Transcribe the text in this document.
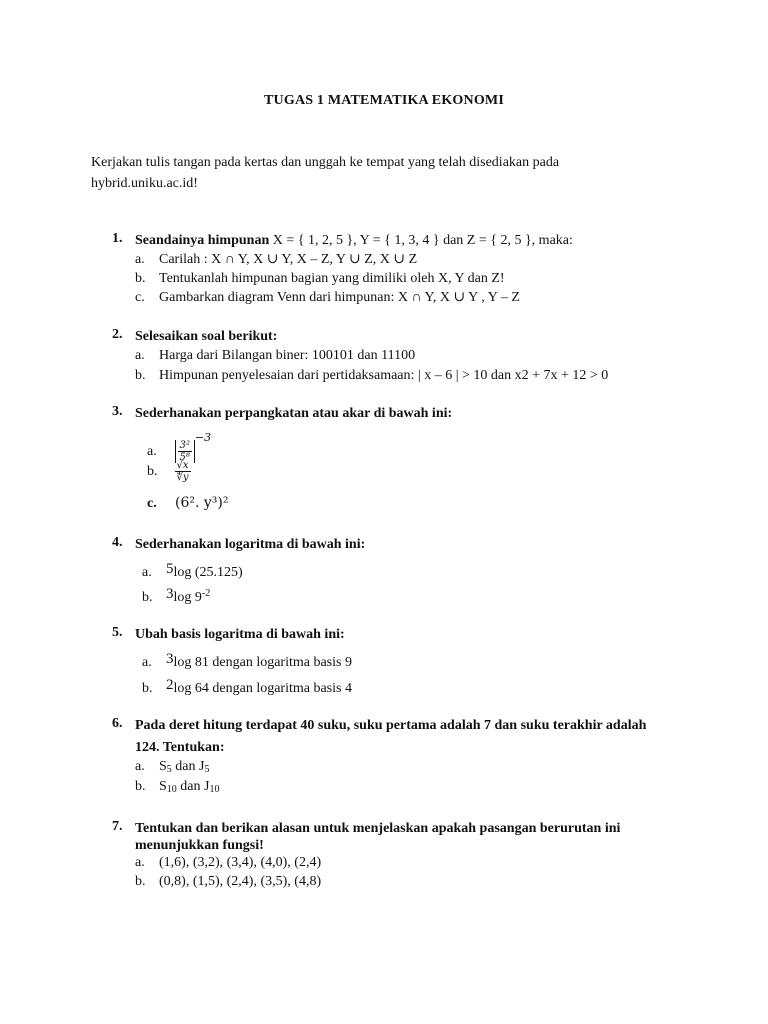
TUGAS 1 MATEMATIKA EKONOMI
Kerjakan tulis tangan pada kertas dan unggah ke tempat yang telah disediakan pada hybrid.uniku.ac.id!
1. Seandainya himpunan X = { 1, 2, 5 }, Y = { 1, 3, 4 } dan Z = { 2, 5 }, maka:
a. Carilah : X ∩ Y, X ∪ Y, X – Z, Y ∪ Z, X ∪ Z
b. Tentukanlah himpunan bagian yang dimiliki oleh X, Y dan Z!
c. Gambarkan diagram Venn dari himpunan: X ∩ Y, X ∪ Y , Y – Z
2. Selesaikan soal berikut:
a. Harga dari Bilangan biner: 100101 dan 11100
b. Himpunan penyelesaian dari pertidaksamaan: | x – 6 | > 10 dan x2 + 7x + 12 > 0
3. Sederhanakan perpangkatan atau akar di bawah ini:
a. $\frac{\text{3²}}{\text{5⁸}}$
$^{-3}$
b. $\frac{√x}{∜y}$
c. (6². y³)²
4. Sederhanakan logaritma di bawah ini:
a. 5log (25.125)
b. 3log $9^{-2}$
5. Ubah basis logaritma di bawah ini:
a. 3log 81 dengan logaritma basis 9
b. 2log 64 dengan logaritma basis 4
6. Pada deret hitung terdapat 40 suku, suku pertama adalah 7 dan suku terakhir adalah
124. Tentukan:
a. $S_5$ dan $J_5$
b. $S_{10}$ dan $J_{10}$
7. Tentukan dan berikan alasan untuk menjelaskan apakah pasangan berurutan ini
menunjukkan fungsi!
a. (1,6), (3,2), (3,4), (4,0), (2,4)
b. (0,8), (1,5), (2,4), (3,5), (4,8)
